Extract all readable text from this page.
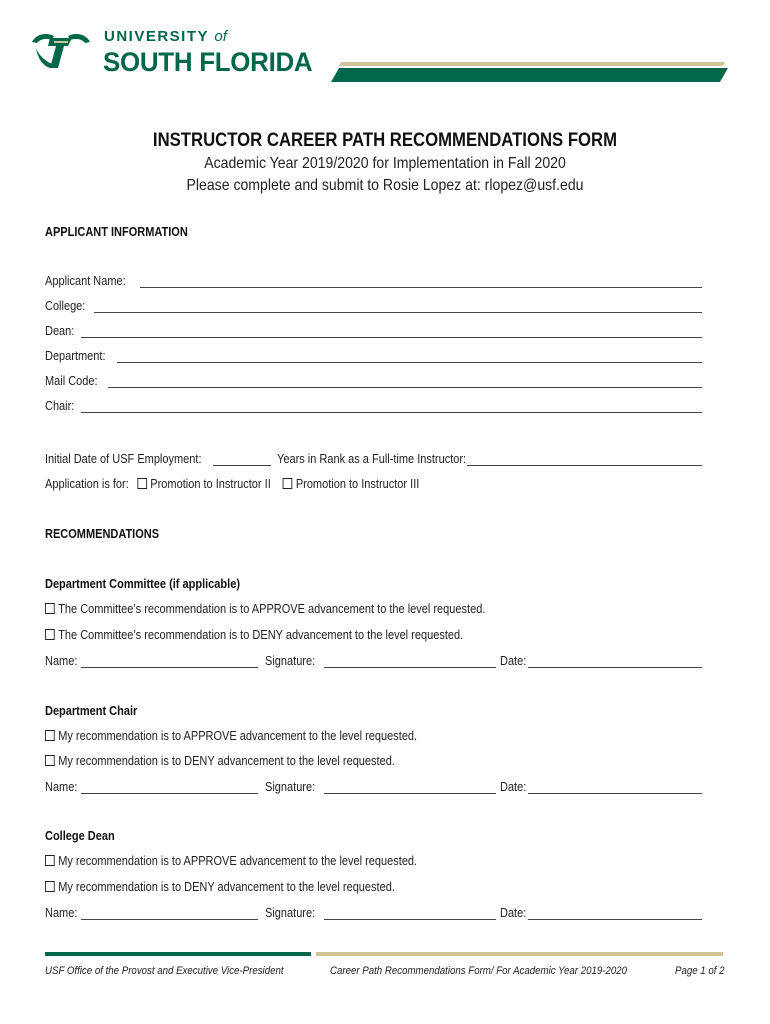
UNIVERSITY of
SOUTH FLORIDA
INSTRUCTOR CAREER PATH RECOMMENDATIONS FORM
Academic Year 2019/2020 for Implementation in Fall 2020
Please complete and submit to Rosie Lopez at: rlopez@usf.edu
APPLICANT INFORMATION
Applicant Name:
College:
Dean:
Department:
Mail Code:
Chair:
Initial Date of USF Employment:	Years in Rank as a Full-time Instructor:
Application is for: Promotion to Instructor II Promotion to Instructor III
RECOMMENDATIONS
Department Committee (if applicable)
The Committee’s recommendation is to APPROVE advancement to the level requested.
The Committee’s recommendation is to DENY advancement to the level requested.
Name:	Signature:	Date:
Department Chair
My recommendation is to APPROVE advancement to the level requested.
My recommendation is to DENY advancement to the level requested.
Name:	Signature:	Date:
College Dean
My recommendation is to APPROVE advancement to the level requested.
My recommendation is to DENY advancement to the level requested.
Name:	Signature:	Date:
USF Office of the Provost and Executive Vice-President	Career Path Recommendations Form/ For Academic Year 2019-2020	Page 1 of 2
